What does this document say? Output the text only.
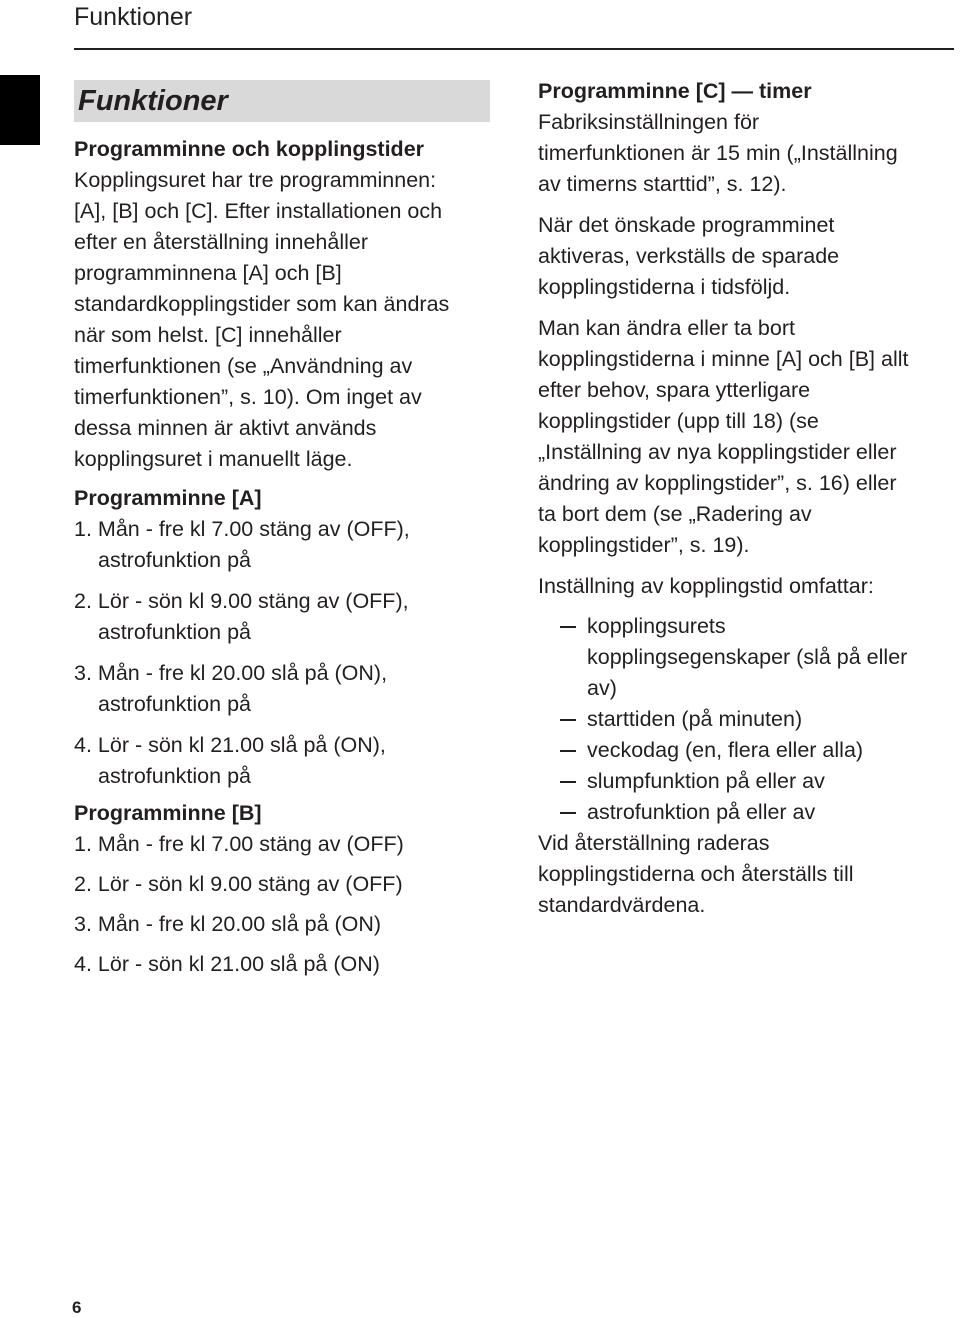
Funktioner
Funktioner

Programminne och kopplingstider

Kopplingsuret har tre programminnen:

[A], [B] och [C]. Efter installationen och

efter en återställning innehåller

programminnena [A] och [B]

standardkopplingstider som kan ändras

när som helst. [C] innehåller

timerfunktionen (se „Användning av

timerfunktionen”, s. 10). Om inget av

dessa minnen är aktivt används

kopplingsuret i manuellt läge.

Programminne [A]

1. Mån - fre kl 7.00 stäng av (OFF),
astrofunktion på
2. Lör - sön kl 9.00 stäng av (OFF),
astrofunktion på
3. Mån - fre kl 20.00 slå på (ON),
astrofunktion på
4. Lör - sön kl 21.00 slå på (ON),
astrofunktion på

Programminne [B]

1. Mån - fre kl 7.00 stäng av (OFF)
2. Lör - sön kl 9.00 stäng av (OFF)
3. Mån - fre kl 20.00 slå på (ON)
4. Lör - sön kl 21.00 slå på (ON)

Programminne [C] — timer

Fabriksinställningen för

timerfunktionen är 15 min („Inställning

av timerns starttid”, s. 12).

När det önskade programminet

aktiveras, verkställs de sparade

kopplingstiderna i tidsföljd.

Man kan ändra eller ta bort

kopplingstiderna i minne [A] och [B] allt

efter behov, spara ytterligare

kopplingstider (upp till 18) (se

„Inställning av nya kopplingstider eller

ändring av kopplingstider”, s. 16) eller

ta bort dem (se „Radering av

kopplingstider”, s. 19).

Inställning av kopplingstid omfattar:

kopplingsurets
kopplingsegenskaper (slå på eller
av)
starttiden (på minuten)
veckodag (en, flera eller alla)
slumpfunktion på eller av
astrofunktion på eller av

Vid återställning raderas

kopplingstiderna och återställs till

standardvärdena.

6
